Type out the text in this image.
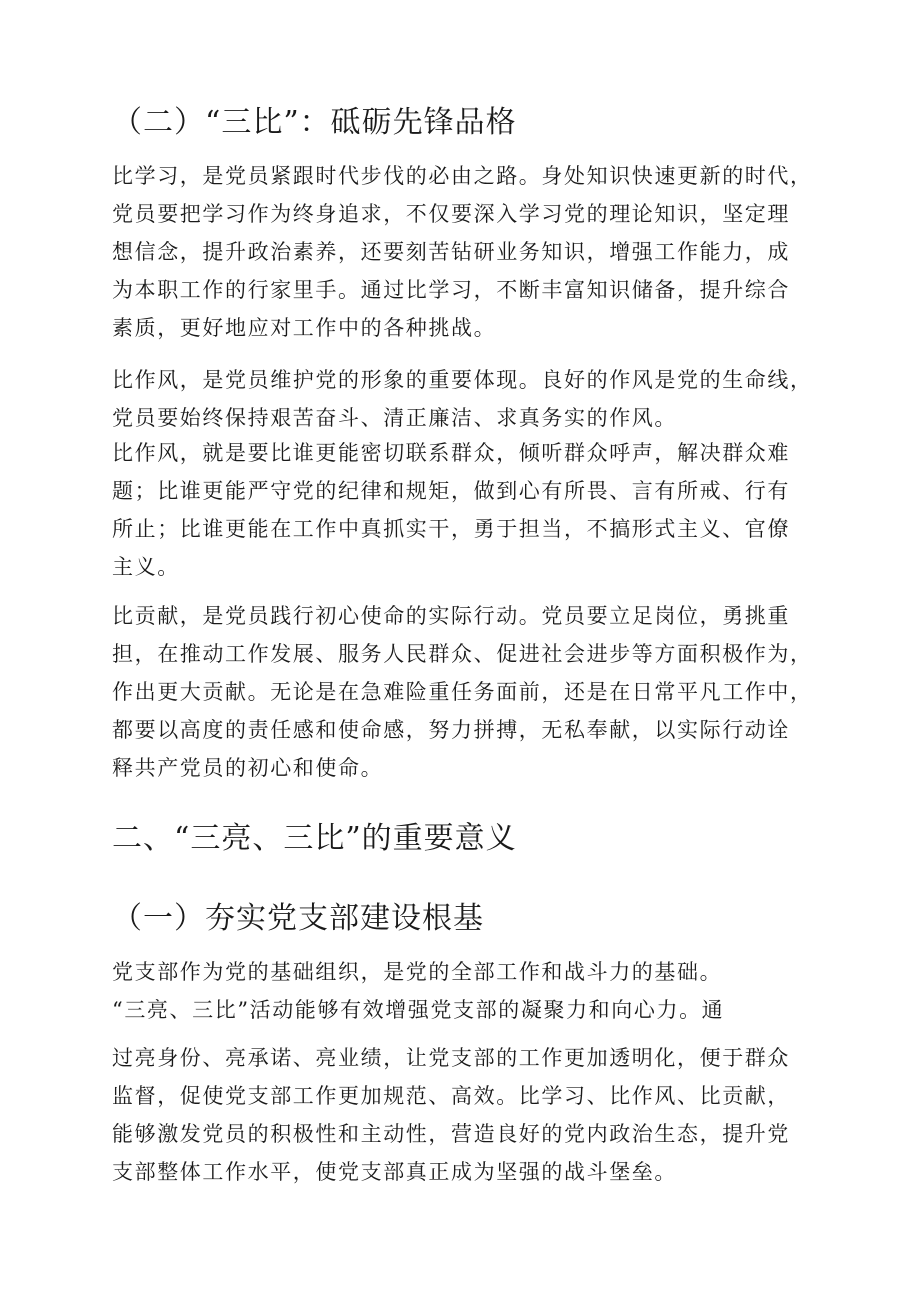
（二）“三比”：砥砺先锋品格
比学习，是党员紧跟时代步伐的必由之路。身处知识快速更新的时代，
党员要把学习作为终身追求，不仅要深入学习党的理论知识，坚定理
想信念，提升政治素养，还要刻苦钻研业务知识，增强工作能力，成
为本职工作的行家里手。通过比学习，不断丰富知识储备，提升综合
素质，更好地应对工作中的各种挑战。
比作风，是党员维护党的形象的重要体现。良好的作风是党的生命线，
党员要始终保持艰苦奋斗、清正廉洁、求真务实的作风。
比作风，就是要比谁更能密切联系群众，倾听群众呼声，解决群众难
题；比谁更能严守党的纪律和规矩，做到心有所畏、言有所戒、行有
所止；比谁更能在工作中真抓实干，勇于担当，不搞形式主义、官僚
主义。
比贡献，是党员践行初心使命的实际行动。党员要立足岗位，勇挑重
担，在推动工作发展、服务人民群众、促进社会进步等方面积极作为，
作出更大贡献。无论是在急难险重任务面前，还是在日常平凡工作中，
都要以高度的责任感和使命感，努力拼搏，无私奉献，以实际行动诠
释共产党员的初心和使命。
二、“三亮、三比”的重要意义
（一）夯实党支部建设根基
党支部作为党的基础组织，是党的全部工作和战斗力的基础。
“三亮、三比”活动能够有效增强党支部的凝聚力和向心力。通
过亮身份、亮承诺、亮业绩，让党支部的工作更加透明化，便于群众
监督，促使党支部工作更加规范、高效。比学习、比作风、比贡献，
能够激发党员的积极性和主动性，营造良好的党内政治生态，提升党
支部整体工作水平，使党支部真正成为坚强的战斗堡垒。
